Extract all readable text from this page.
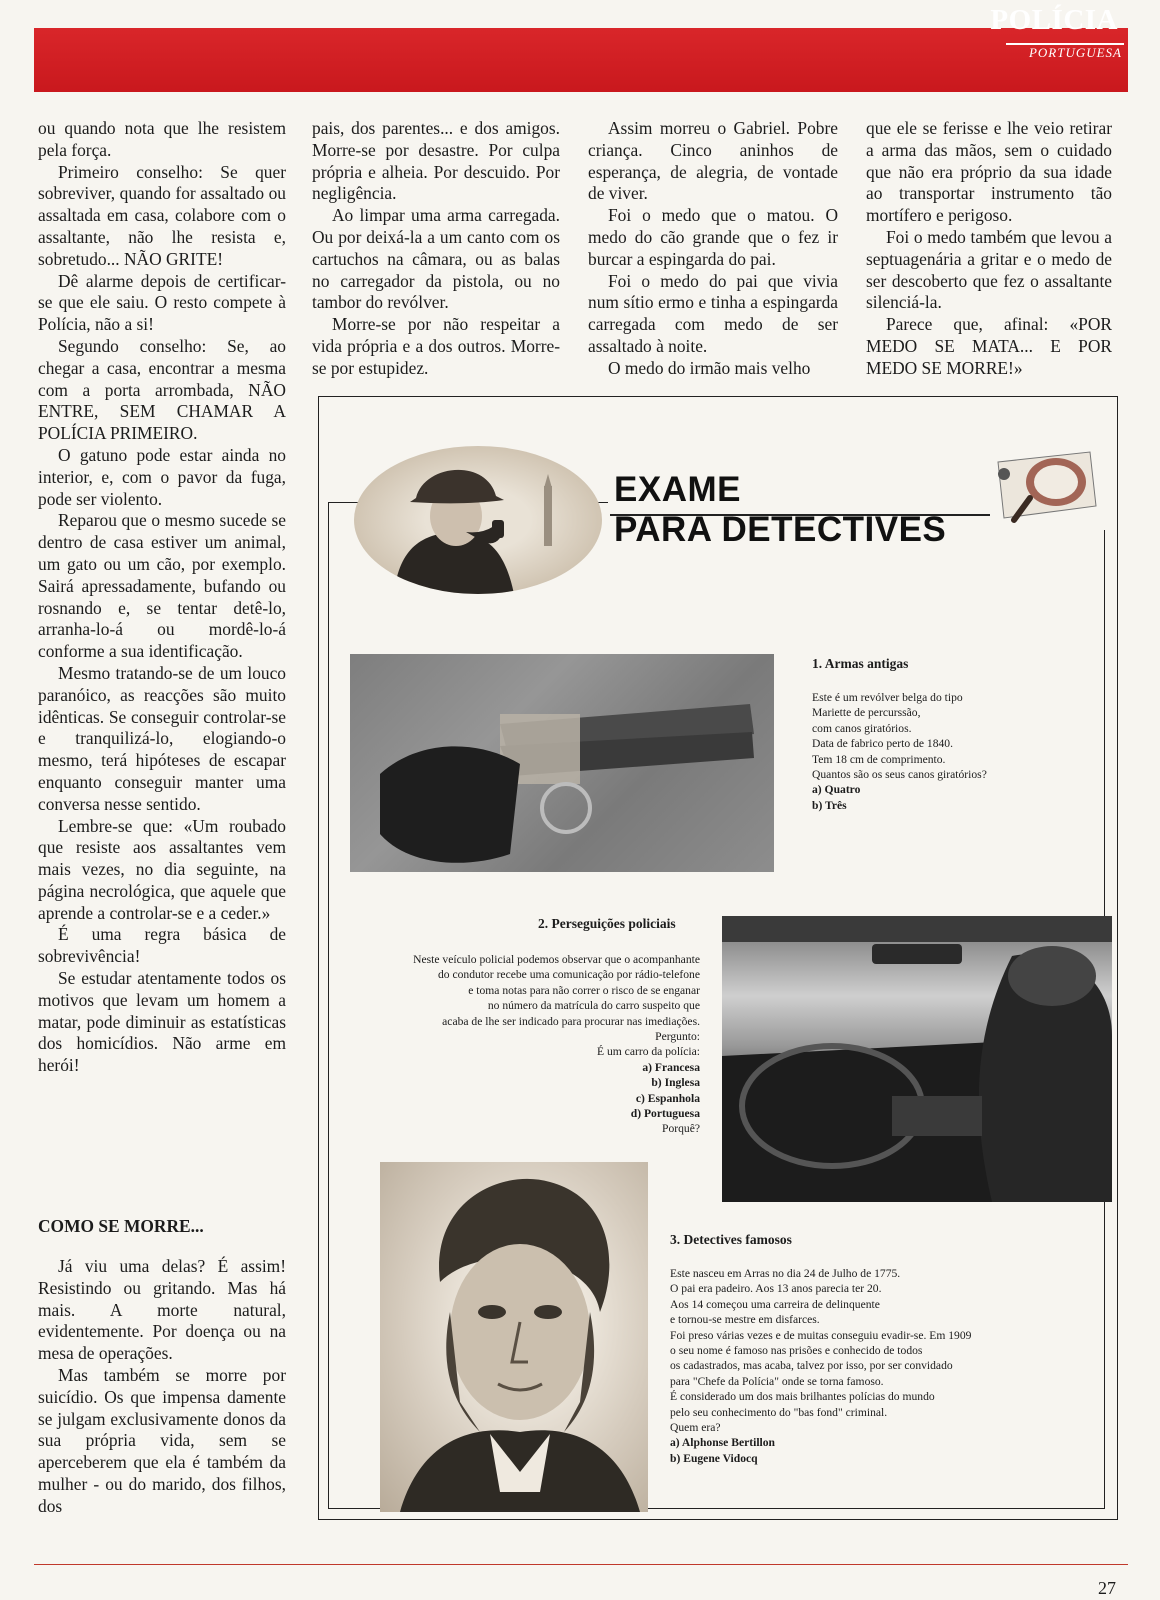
POLÍCIA
PORTUGUESA

ou quando nota que lhe resistem pela força.

Primeiro conselho: Se quer sobreviver, quando for assaltado ou assaltada em casa, colabore com o assaltante, não lhe resista e, sobretudo... NÃO GRITE!

Dê alarme depois de certificar-se que ele saiu. O resto compete à Polícia, não a si!

Segundo conselho: Se, ao chegar a casa, encontrar a mesma com a porta arrombada, NÃO ENTRE, SEM CHAMAR A POLÍCIA PRIMEIRO.

O gatuno pode estar ainda no interior, e, com o pavor da fuga, pode ser violento.

Reparou que o mesmo sucede se dentro de casa estiver um animal, um gato ou um cão, por exemplo. Sairá apressadamente, bufando ou rosnando e, se tentar detê-lo, arranha-lo-á ou mordê-lo-á conforme a sua identificação.

Mesmo tratando-se de um louco paranóico, as reacções são muito idênticas. Se conseguir controlar-se e tranquilizá-lo, elogiando-o mesmo, terá hipóteses de escapar enquanto conseguir manter uma conversa nesse sentido.

Lembre-se que: «Um roubado que resiste aos assaltantes vem mais vezes, no dia seguinte, na página necrológica, que aquele que aprende a controlar-se e a ceder.»

É uma regra básica de sobrevivência!

Se estudar atentamente todos os motivos que levam um homem a matar, pode diminuir as estatísticas dos homicídios. Não arme em herói!

COMO SE MORRE...

Já viu uma delas? É assim! Resistindo ou gritando. Mas há mais. A morte natural, evidentemente. Por doença ou na mesa de operações.

Mas também se morre por suicídio. Os que impensa damente se julgam exclusivamente donos da sua própria vida, sem se aperceberem que ela é também da mulher - ou do marido, dos filhos, dos

pais, dos parentes... e dos amigos. Morre-se por desastre. Por culpa própria e alheia. Por descuido. Por negligência.

Ao limpar uma arma carregada. Ou por deixá-la a um canto com os cartuchos na câmara, ou as balas no carregador da pistola, ou no tambor do revólver.

Morre-se por não respeitar a vida própria e a dos outros. Morre-se por estupidez.

Assim morreu o Gabriel. Pobre criança. Cinco aninhos de esperança, de alegria, de vontade de viver.

Foi o medo que o matou. O medo do cão grande que o fez ir burcar a espingarda do pai.

Foi o medo do pai que vivia num sítio ermo e tinha a espingarda carregada com medo de ser assaltado à noite.

O medo do irmão mais velho

que ele se ferisse e lhe veio retirar a arma das mãos, sem o cuidado que não era próprio da sua idade ao transportar instrumento tão mortífero e perigoso.

Foi o medo também que levou a septuagenária a gritar e o medo de ser descoberto que fez o assaltante silenciá-la.

Parece que, afinal: «POR MEDO SE MATA... E POR MEDO SE MORRE!»

EXAME
PARA DETECTIVES
1. Armas antigas
Este é um revólver belga do tipo
Mariette de percurssão,
com canos giratórios.
Data de fabrico perto de 1840.
Tem 18 cm de comprimento.
Quantos são os seus canos giratórios?
a) Quatro
b) Três
2. Perseguições policiais
Neste veículo policial podemos observar que o acompanhante
do condutor recebe uma comunicação por rádio-telefone
e toma notas para não correr o risco de se enganar
no número da matrícula do carro suspeito que
acaba de lhe ser indicado para procurar nas imediações.
Pergunto:
É um carro da polícia:
a) Francesa
b) Inglesa
c) Espanhola
d) Portuguesa
Porquê?
3. Detectives famosos
Este nasceu em Arras no dia 24 de Julho de 1775.
O pai era padeiro. Aos 13 anos parecia ter 20.
Aos 14 começou uma carreira de delinquente
e tornou-se mestre em disfarces.
Foi preso várias vezes e de muitas conseguiu evadir-se. Em 1909
o seu nome é famoso nas prisões e conhecido de todos
os cadastrados, mas acaba, talvez por isso, por ser convidado
para "Chefe da Polícia" onde se torna famoso.
É considerado um dos mais brilhantes polícias do mundo
pelo seu conhecimento do "bas fond" criminal.
Quem era?
a) Alphonse Bertillon
b) Eugene Vidocq
27
